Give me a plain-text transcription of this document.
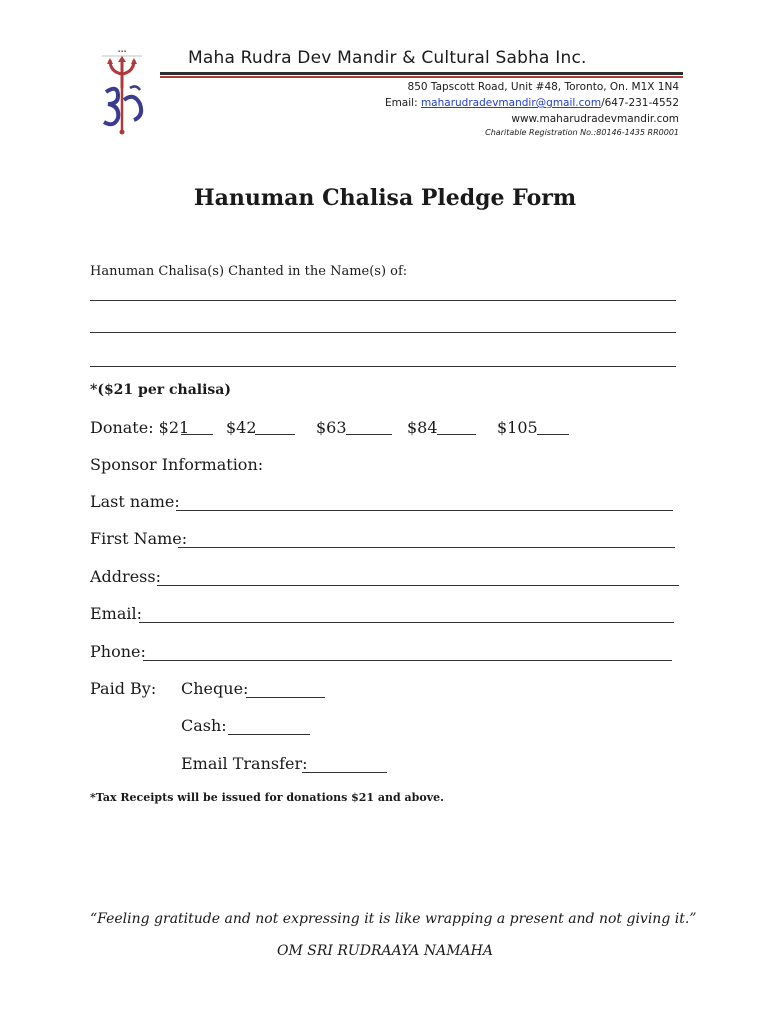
▪ ▪ ▪	Maha Rudra Dev Mandir & Cultural Sabha Inc.
850 Tapscott Road, Unit #48, Toronto, On. M1X 1N4
Email: maharudradevmandir@gmail.com/647-231-4552
www.maharudradevmandir.com
Charitable Registration No.:80146-1435 RR0001
Hanuman Chalisa Pledge Form
Hanuman Chalisa(s) Chanted in the Name(s) of:
*($21 per chalisa)
Donate: $21 $42	$63	$84	$105
Sponsor Information:
Last name:
First Name:
Address:
Email:
Phone:
Paid By: Cheque:
Cash:
Email Transfer:
*Tax Receipts will be issued for donations $21 and above.
“Feeling gratitude and not expressing it is like wrapping a present and not giving it.”
OM SRI RUDRAAYA NAMAHA
